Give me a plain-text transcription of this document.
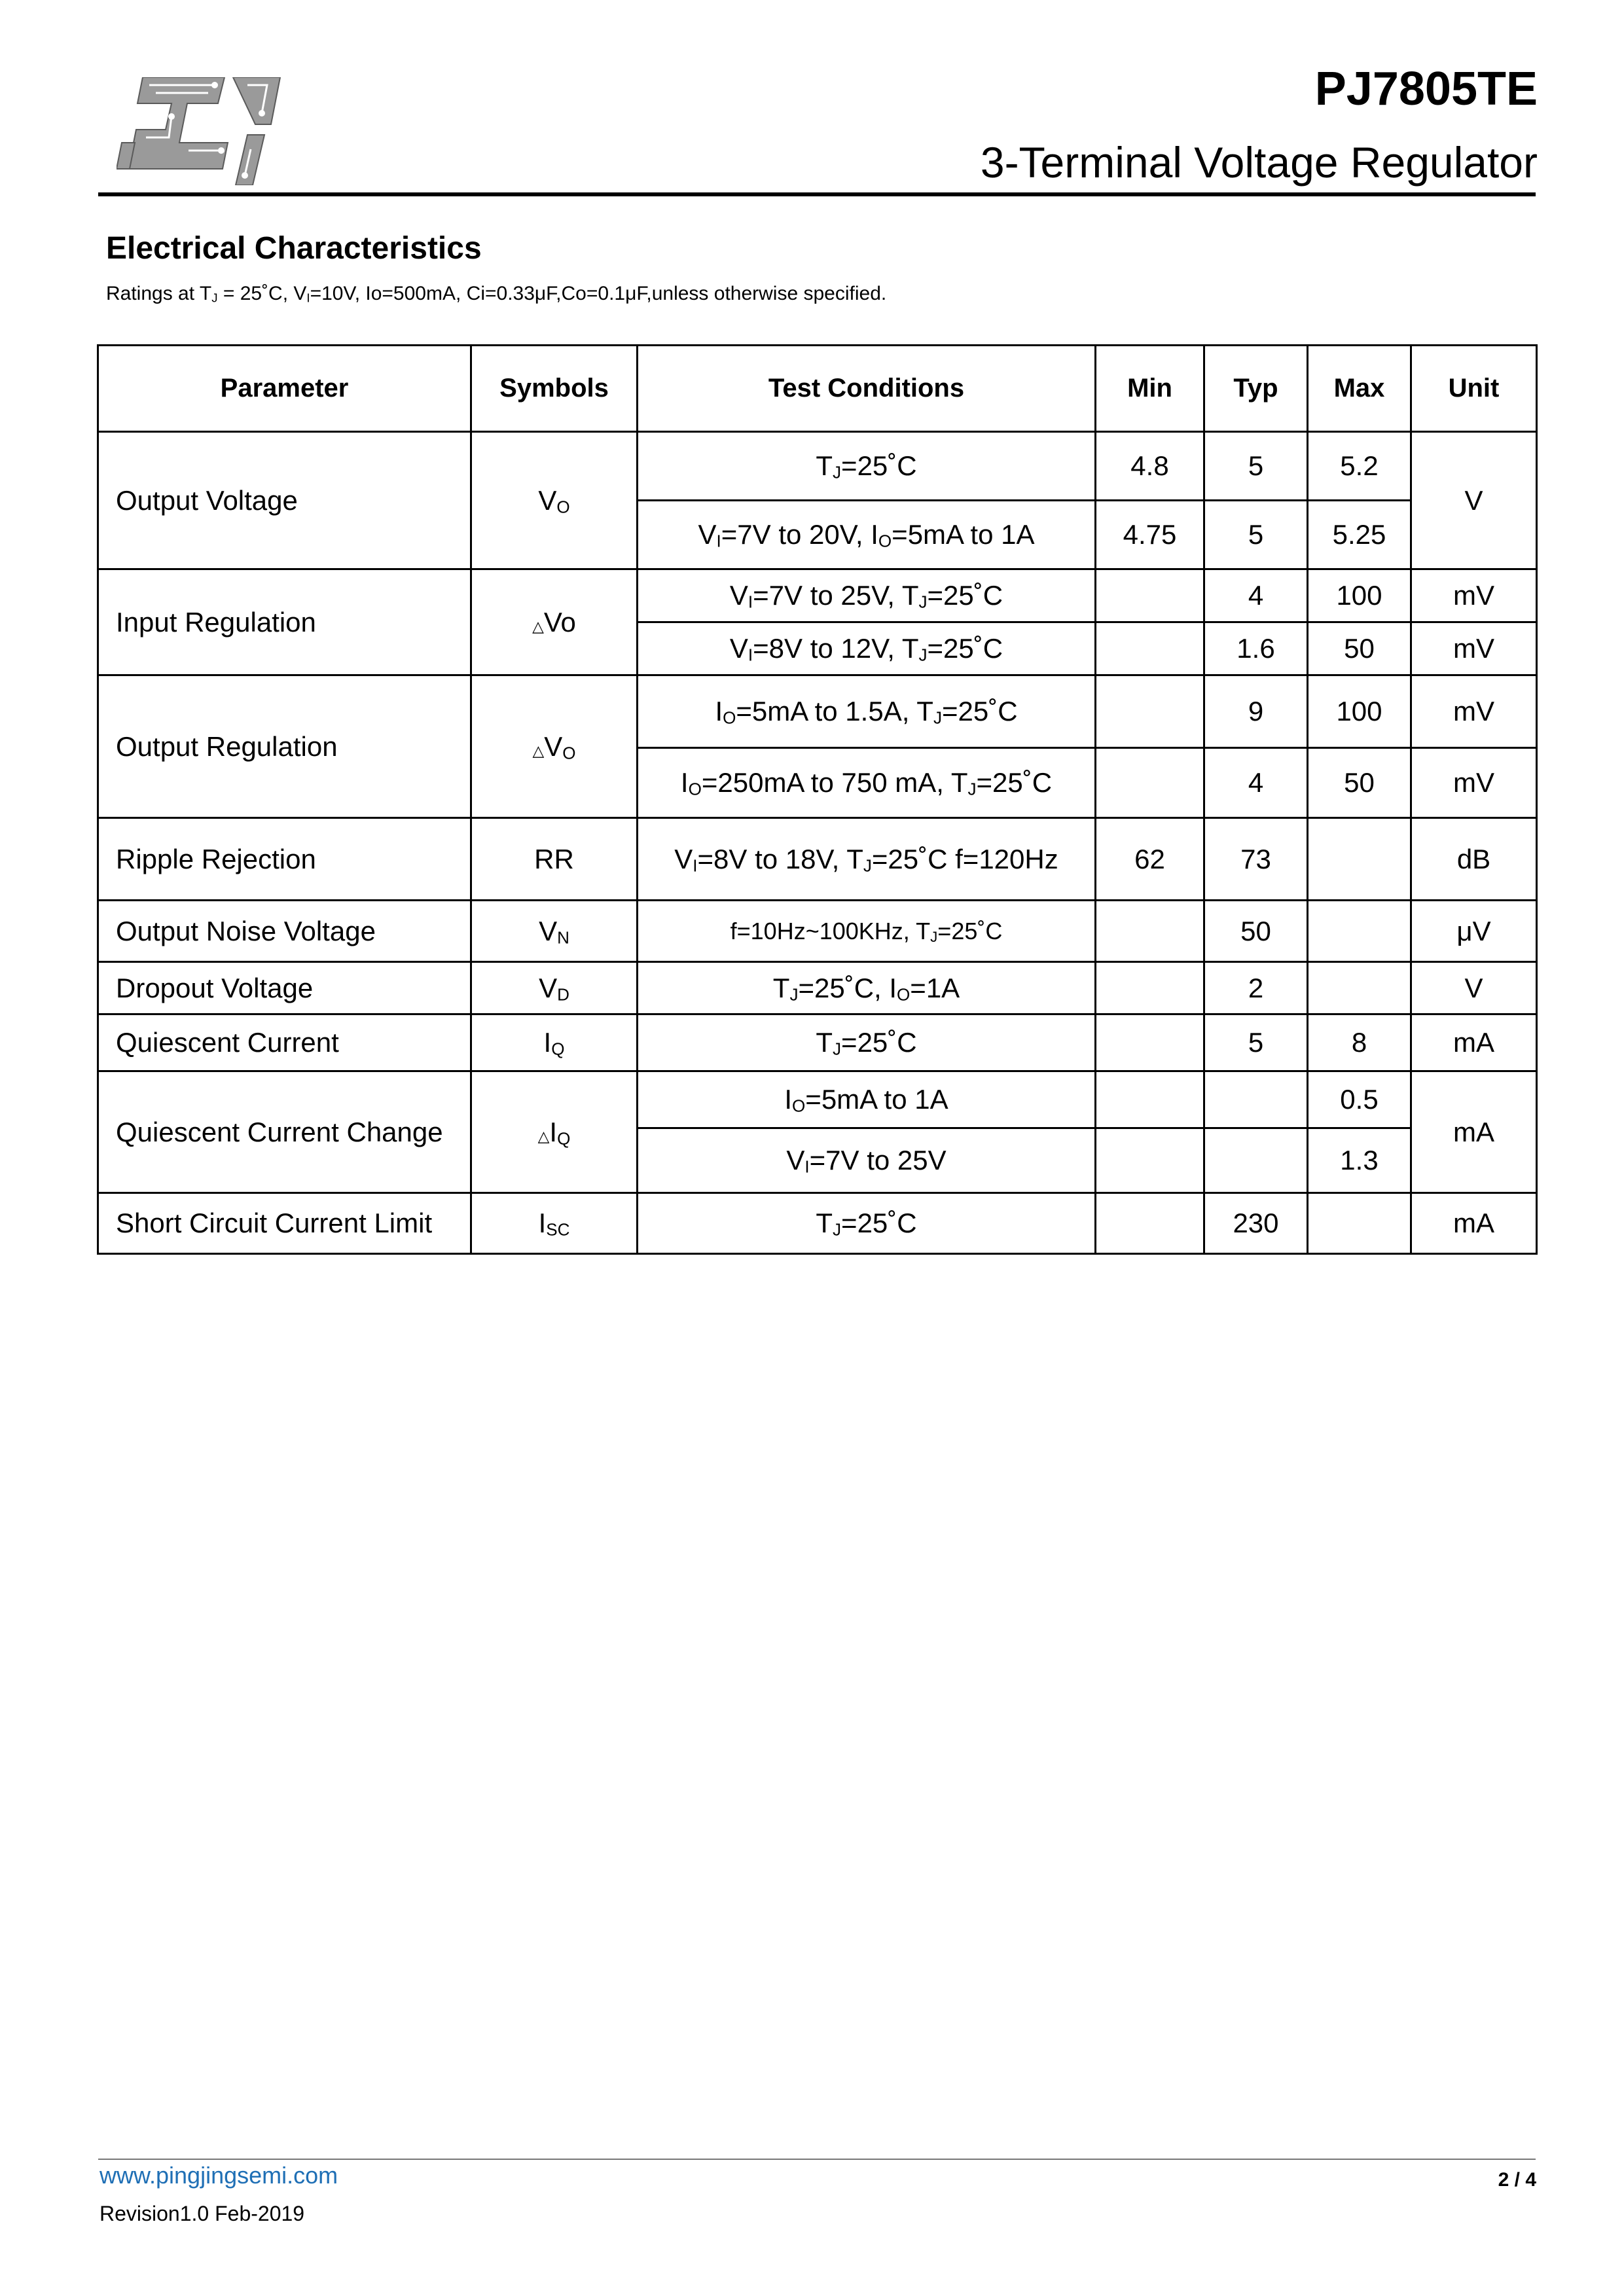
PJ7805TE
3-Terminal Voltage Regulator
Electrical Characteristics
Ratings at $T_J$ = 25˚C, $V_I=10V$, Io=500mA, Ci=0.33μF,Co=0.1μF,unless otherwise specified.
Parameter	Symbols	Test Conditions	Min	Typ	Max	Unit
Output Voltage	$V_O$	$T_J=25˚C$	4.8	5	5.2	V
		$V_I=7V$ to 20V, $I_O=5mA$ to 1A	4.75	5	5.25	
Input Regulation	△Vo	$V_I=7V$ to 25V, $T_J=25˚C$		4	100	mV
		$V_I=8V$ to 12V, $T_J=25˚C$		1.6	50	mV
Output Regulation	$\triangle V_O$	$I_O=5mA$ to 1.5A, $T_J=25˚C$		9	100	mV
		$I_O=250mA$ to 750 mA, $T_J=25˚C$		4	50	mV
Ripple Rejection	RR	$V_I=8V$ to 18V, $T_J=25˚C$ f=120Hz	62	73		dB
Output Noise Voltage	$V_N$	f=10Hz~100KHz, $T_J=25˚C$		50		μV
Dropout Voltage	$V_D$	$T_J=25˚C$, $I_O=1A$		2		V
Quiescent Current	$I_Q$	$T_J=25˚C$		5	8	mA
Quiescent Current Change	$\triangle I_Q$	$I_O=5mA$ to 1A			0.5	mA
		$V_I=7V$ to 25V			1.3	
Short Circuit Current Limit	$I_{SC}$	$T_J=25˚C$		230		mA
www.pingjingsemi.com
Revision1.0 Feb-2019
2 / 4
